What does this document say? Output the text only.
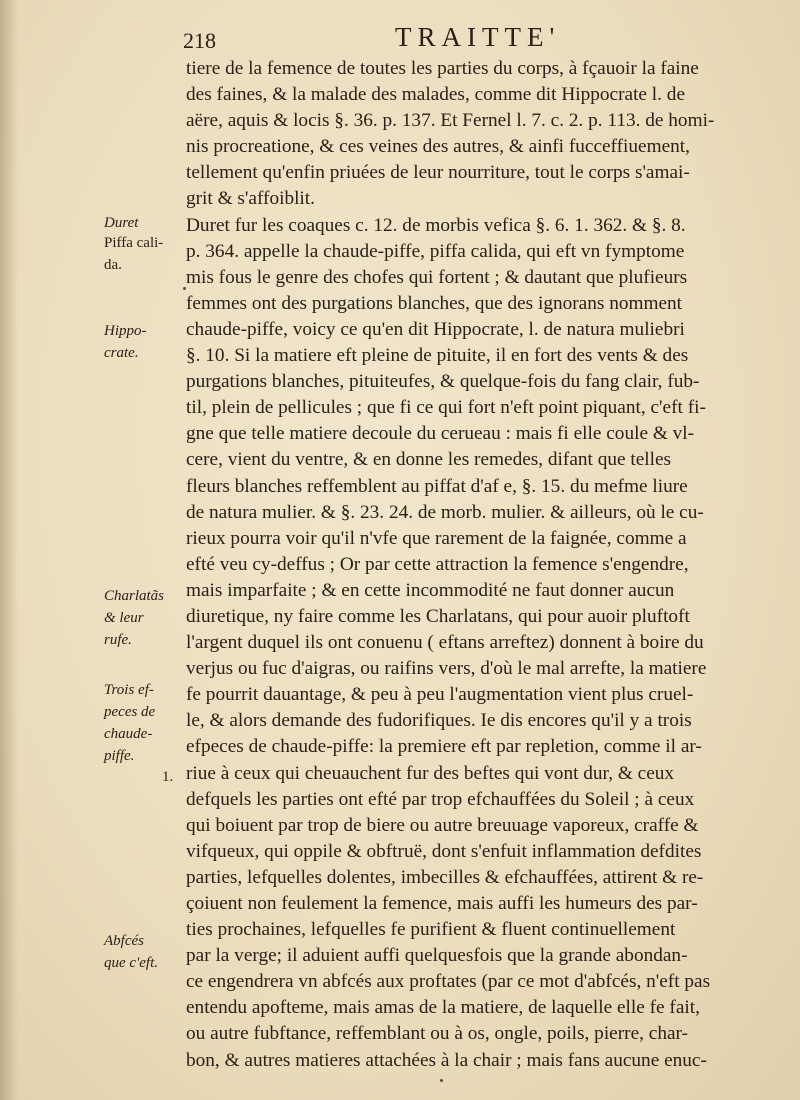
218	TRAITTE'
tiere de la femence de toutes les parties du corps, à fçauoir la faine
des faines, & la malade des malades, comme dit Hippocrate l. de
aëre, aquis & locis §. 36. p. 137. Et Fernel l. 7. c. 2. p. 113. de homi-
nis procreatione, & ces veines des autres, & ainfi fucceffiuement,
tellement qu'enfin priuées de leur nourriture, tout le corps s'amai-
grit & s'affoiblit.
Duret fur les coaques c. 12. de morbis vefica §. 6. 1. 362. & §. 8.
p. 364. appelle la chaude-piffe, piffa calida, qui eft vn fymptome
mis fous le genre des chofes qui fortent ; & dautant que plufieurs
femmes ont des purgations blanches, que des ignorans nomment
chaude-piffe, voicy ce qu'en dit Hippocrate, l. de natura muliebri
§. 10. Si la matiere eft pleine de pituite, il en fort des vents & des
purgations blanches, pituiteufes, & quelque-fois du fang clair, fub-
til, plein de pellicules ; que fi ce qui fort n'eft point piquant, c'eft fi-
gne que telle matiere decoule du cerueau : mais fi elle coule & vl-
cere, vient du ventre, & en donne les remedes, difant que telles
fleurs blanches reffemblent au piffat d'af e, §. 15. du mefme liure
de natura mulier. & §. 23. 24. de morb. mulier. & ailleurs, où le cu-
rieux pourra voir qu'il n'vfe que rarement de la faignée, comme a
efté veu cy-deffus ; Or par cette attraction la femence s'engendre,
mais imparfaite ; & en cette incommodité ne faut donner aucun
diuretique, ny faire comme les Charlatans, qui pour auoir pluftoft
l'argent duquel ils ont conuenu ( eftans arreftez) donnent à boire du
verjus ou fuc d'aigras, ou raifins vers, d'où le mal arrefte, la matiere
fe pourrit dauantage, & peu à peu l'augmentation vient plus cruel-
le, & alors demande des fudorifiques. Ie dis encores qu'il y a trois
efpeces de chaude-piffe: la premiere eft par repletion, comme il ar-
riue à ceux qui cheuauchent fur des beftes qui vont dur, & ceux
defquels les parties ont efté par trop efchauffées du Soleil ; à ceux
qui boiuent par trop de biere ou autre breuuage vaporeux, craffe &
vifqueux, qui oppile & obftruë, dont s'enfuit inflammation defdites
parties, lefquelles dolentes, imbecilles & efchauffées, attirent & re-
çoiuent non feulement la femence, mais auffi les humeurs des par-
ties prochaines, lefquelles fe purifient & fluent continuellement
par la verge; il aduient auffi quelquesfois que la grande abondan-
ce engendrera vn abfcés aux proftates (par ce mot d'abfcés, n'eft pas
entendu apofteme, mais amas de la matiere, de laquelle elle fe fait,
ou autre fubftance, reffemblant ou à os, ongle, poils, pierre, char-
bon, & autres matieres attachées à la chair ; mais fans aucune enuc-
Duret
Piffa cali-
da.
Hippo-
crate.
Charlatãs
& leur
rufe.
Trois ef-
peces de
chaude-
piffe.
1.
Abfcés
que c'eft.
